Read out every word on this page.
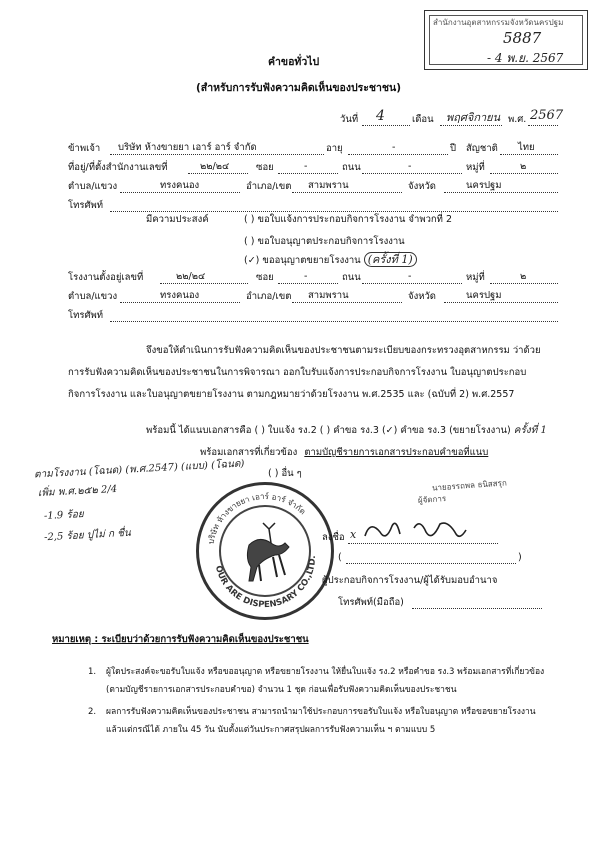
สำนักงานอุตสาหกรรมจังหวัดนครปฐม
5887
- 4 พ.ย. 2567
คำขอทั่วไป
(สำหรับการรับฟังความคิดเห็นของประชาชน)
วันที่ 4	เดือน พฤศจิกายน พ.ศ. 2567
ข้าพเจ้า บริษัท ห้างขายยา เอาร์ อาร์ จำกัด	อายุ	-	ปี สัญชาติ ไทย
ที่อยู่/ที่ตั้งสำนักงานเลขที่	๒๒/๒๔	ซอย	-	ถนน	-	หมู่ที่	๒
ตำบล/แขวง	ทรงคนอง	อำเภอ/เขต สามพราน	จังหวัด	นครปฐม
โทรศัพท์
มีความประสงค์	( ) ขอใบแจ้งการประกอบกิจการโรงงาน จำพวกที่ 2
( ) ขอใบอนุญาตประกอบกิจการโรงงาน
(✓) ขออนุญาตขยายโรงงาน (ครั้งที่ 1)
โรงงานตั้งอยู่เลขที่	๒๒/๒๔	ซอย	-	ถนน	-	หมู่ที่	๒
ตำบล/แขวง	ทรงคนอง	อำเภอ/เขต สามพราน	จังหวัด	นครปฐม
โทรศัพท์
จึงขอให้ดำเนินการรับฟังความคิดเห็นของประชาชนตามระเบียบของกระทรวงอุตสาหกรรม ว่าด้วย
การรับฟังความคิดเห็นของประชาชนในการพิจารณา ออกใบรับแจ้งการประกอบกิจการโรงงาน ใบอนุญาตประกอบ
กิจการโรงงาน และใบอนุญาตขยายโรงงาน ตามกฎหมายว่าด้วยโรงงาน พ.ศ.2535 และ (ฉบับที่ 2) พ.ศ.2557
พร้อมนี้ ได้แนบเอกสารคือ ( ) ใบแจ้ง รง.2 ( ) คำขอ รง.3 (✓) คำขอ รง.3 (ขยายโรงงาน) ครั้งที่ 1
พร้อมเอกสารที่เกี่ยวข้อง ตามบัญชีรายการเอกสารประกอบคำขอที่แนบ
( ) อื่น ๆ
ตามโรงงาน (โฉนด) (พ.ศ.2547) (แบบ) (โฉนด)
เพิ่ม พ.ศ.๒๕๒ 2/4
-1.9 ร้อย
-2,5 ร้อย ปูไม่ ก ชื่น	บริษัท ห้างขายยา เอาร์ อาร์ จำกัด
OUR ARE DISPENSARY CO.,LTD.
นายอรรถพล ธนิสสรุก
ผู้จัดการ
ลงชื่อ x
(	)
ผู้ประกอบกิจการโรงงาน/ผู้ได้รับมอบอำนาจ
โทรศัพท์(มือถือ)
หมายเหตุ : ระเบียบว่าด้วยการรับฟังความคิดเห็นของประชาชน
1. ผู้ใดประสงค์จะขอรับใบแจ้ง หรือขออนุญาต หรือขยายโรงงาน ให้ยื่นใบแจ้ง รง.2 หรือคำขอ รง.3 พร้อมเอกสารที่เกี่ยวข้อง
(ตามบัญชีรายการเอกสารประกอบคำขอ) จำนวน 1 ชุด ก่อนเพื่อรับฟังความคิดเห็นของประชาชน
2. ผลการรับฟังความคิดเห็นของประชาชน สามารถนำมาใช้ประกอบการขอรับใบแจ้ง หรือใบอนุญาต หรือขอขยายโรงงาน
แล้วแต่กรณีได้ ภายใน 45 วัน นับตั้งแต่วันประกาศสรุปผลการรับฟังความเห็น ฯ ตามแบบ 5
